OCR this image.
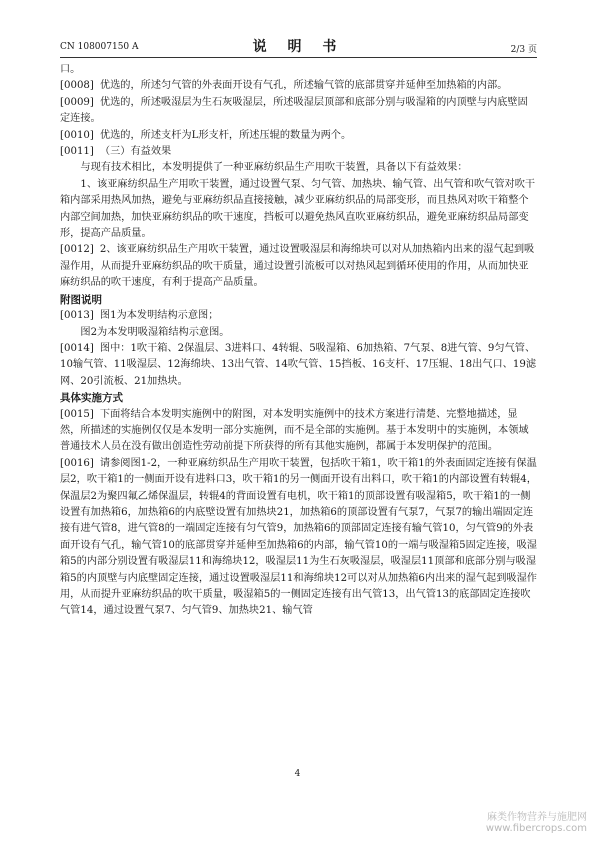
CN 108007150 A	说 明 书	2/3 页

口。

[0008] 优选的，所述匀气管的外表面开设有气孔，所述输气管的底部贯穿并延伸至加热箱的内部。

[0009] 优选的，所述吸湿层为生石灰吸湿层，所述吸湿层顶部和底部分别与吸湿箱的内顶壁与内底壁固定连接。

[0010] 优选的，所述支杆为L形支杆，所述压辊的数量为两个。

[0011] （三）有益效果

与现有技术相比，本发明提供了一种亚麻纺织品生产用吹干装置，具备以下有益效果：

1、该亚麻纺织品生产用吹干装置，通过设置气泵、匀气管、加热块、输气管、出气管和吹气管对吹干箱内部采用热风加热，避免与亚麻纺织品直接接触，减少亚麻纺织品的局部变形，而且热风对吹干箱整个内部空间加热，加快亚麻纺织品的吹干速度，挡板可以避免热风直吹亚麻纺织品，避免亚麻纺织品局部变形，提高产品质量。

[0012] 2、该亚麻纺织品生产用吹干装置，通过设置吸湿层和海绵块可以对从加热箱内出来的湿气起到吸湿作用，从而提升亚麻纺织品的吹干质量，通过设置引流板可以对热风起到循环使用的作用，从而加快亚麻纺织品的吹干速度，有利于提高产品质量。

附图说明

[0013] 图1为本发明结构示意图；

图2为本发明吸湿箱结构示意图。

[0014] 图中：1吹干箱、2保温层、3进料口、4转辊、5吸湿箱、6加热箱、7气泵、8进气管、9匀气管、10输气管、11吸湿层、12海绵块、13出气管、14吹气管、15挡板、16支杆、17压辊、18出气口、19滤网、20引流板、21加热块。

具体实施方式

[0015] 下面将结合本发明实施例中的附图，对本发明实施例中的技术方案进行清楚、完整地描述，显然，所描述的实施例仅仅是本发明一部分实施例，而不是全部的实施例。基于本发明中的实施例，本领域普通技术人员在没有做出创造性劳动前提下所获得的所有其他实施例，都属于本发明保护的范围。

[0016] 请参阅图1-2，一种亚麻纺织品生产用吹干装置，包括吹干箱1，吹干箱1的外表面固定连接有保温层2，吹干箱1的一侧面开设有进料口3，吹干箱1的另一侧面开设有出料口，吹干箱1的内部设置有转辊4，保温层2为聚四氟乙烯保温层，转辊4的背面设置有电机，吹干箱1的顶部设置有吸湿箱5，吹干箱1的一侧设置有加热箱6，加热箱6的内底壁设置有加热块21，加热箱6的顶部设置有气泵7，气泵7的输出端固定连接有进气管8，进气管8的一端固定连接有匀气管9，加热箱6的顶部固定连接有输气管10，匀气管9的外表面开设有气孔，输气管10的底部贯穿并延伸至加热箱6的内部，输气管10的一端与吸湿箱5固定连接，吸湿箱5的内部分别设置有吸湿层11和海绵块12，吸湿层11为生石灰吸湿层，吸湿层11顶部和底部分别与吸湿箱5的内顶壁与内底壁固定连接，通过设置吸湿层11和海绵块12可以对从加热箱6内出来的湿气起到吸湿作用，从而提升亚麻纺织品的吹干质量，吸湿箱5的一侧固定连接有出气管13，出气管13的底部固定连接吹气管14，通过设置气泵7、匀气管9、加热块21、输气管

4
麻类作物营养与施肥网
www.fibercrops.com
